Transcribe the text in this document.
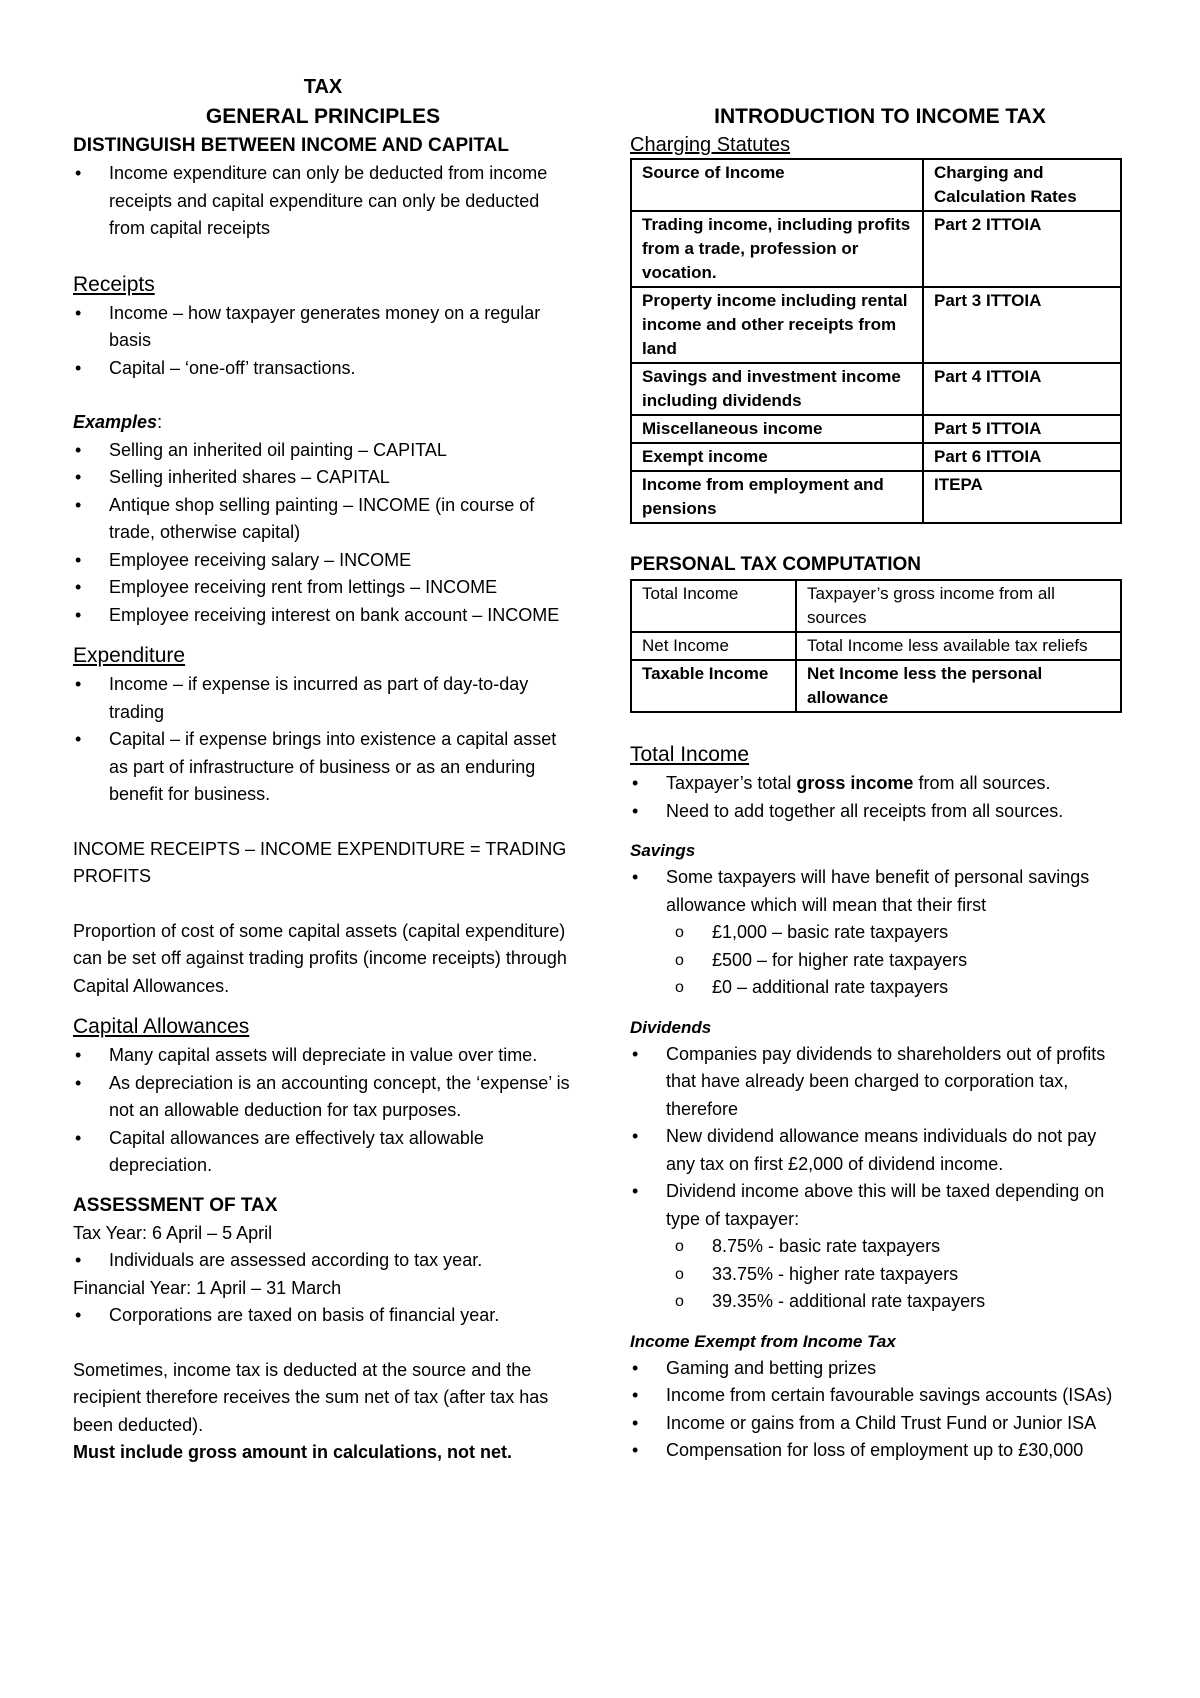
TAX
GENERAL PRINCIPLES
DISTINGUISH BETWEEN INCOME AND CAPITAL
• Income expenditure can only be deducted from income receipts and capital expenditure can only be deducted from capital receipts
Receipts
• Income – how taxpayer generates money on a regular basis
• Capital – ‘one-off’ transactions.

Examples:

• Selling an inherited oil painting – CAPITAL
• Selling inherited shares – CAPITAL
• Antique shop selling painting – INCOME (in course of trade, otherwise capital)
• Employee receiving salary – INCOME
• Employee receiving rent from lettings – INCOME
• Employee receiving interest on bank account – INCOME
Expenditure
• Income – if expense is incurred as part of day-to-day trading
• Capital – if expense brings into existence a capital asset as part of infrastructure of business or as an enduring benefit for business.

INCOME RECEIPTS – INCOME EXPENDITURE = TRADING PROFITS

Proportion of cost of some capital assets (capital expenditure) can be set off against trading profits (income receipts) through Capital Allowances.

Capital Allowances
• Many capital assets will depreciate in value over time.
• As depreciation is an accounting concept, the ‘expense’ is not an allowable deduction for tax purposes.
• Capital allowances are effectively tax allowable depreciation.
ASSESSMENT OF TAX

Tax Year: 6 April – 5 April

• Individuals are assessed according to tax year.

Financial Year: 1 April – 31 March

• Corporations are taxed on basis of financial year.

Sometimes, income tax is deducted at the source and the recipient therefore receives the sum net of tax (after tax has been deducted).

Must include gross amount in calculations, not net.

INTRODUCTION TO INCOME TAX
Charging Statutes
Source of Income	Charging and Calculation Rates
Trading income, including profits from a trade, profession or vocation.	Part 2 ITTOIA
Property income including rental income and other receipts from land	Part 3 ITTOIA
Savings and investment income including dividends	Part 4 ITTOIA
Miscellaneous income	Part 5 ITTOIA
Exempt income	Part 6 ITTOIA
Income from employment and pensions	ITEPA
PERSONAL TAX COMPUTATION
Total Income	Taxpayer’s gross income from all sources
Net Income	Total Income less available tax reliefs
Taxable Income	Net Income less the personal allowance
Total Income
• Taxpayer’s total gross income from all sources.
• Need to add together all receipts from all sources.
Savings
• Some taxpayers will have benefit of personal savings allowance which will mean that their first
o £1,000 – basic rate taxpayers
o £500 – for higher rate taxpayers
o £0 – additional rate taxpayers
Dividends
• Companies pay dividends to shareholders out of profits that have already been charged to corporation tax, therefore
• New dividend allowance means individuals do not pay any tax on first £2,000 of dividend income.
• Dividend income above this will be taxed depending on type of taxpayer:
o 8.75% - basic rate taxpayers
o 33.75% - higher rate taxpayers
o 39.35% - additional rate taxpayers
Income Exempt from Income Tax
• Gaming and betting prizes
• Income from certain favourable savings accounts (ISAs)
• Income or gains from a Child Trust Fund or Junior ISA
• Compensation for loss of employment up to £30,000
